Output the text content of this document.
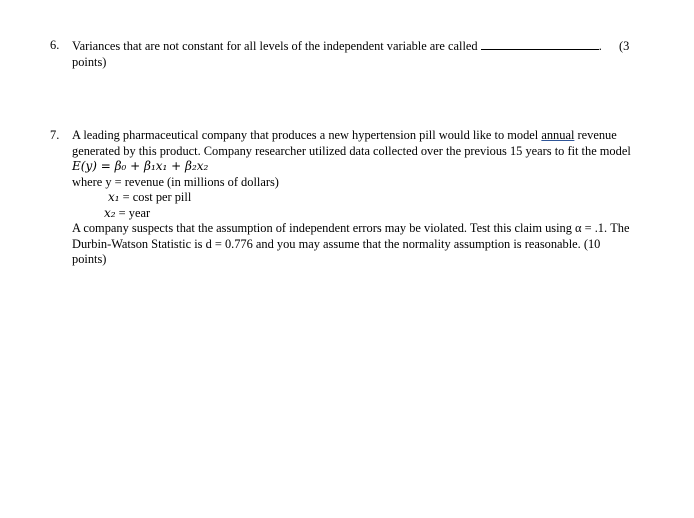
6.	Variances that are not constant for all levels of the independent variable are called	. (3
points)
7.	A leading pharmaceutical company that produces a new hypertension pill would like to model annual revenue
generated by this product. Company researcher utilized data collected over the previous 15 years to fit the model
E(y) = β₀ + β₁x₁ + β₂x₂
where y = revenue (in millions of dollars)
x₁ = cost per pill
x₂ = year
A company suspects that the assumption of independent errors may be violated. Test this claim using α = .1. The
Durbin-Watson Statistic is d = 0.776 and you may assume that the normality assumption is reasonable. (10
points)
